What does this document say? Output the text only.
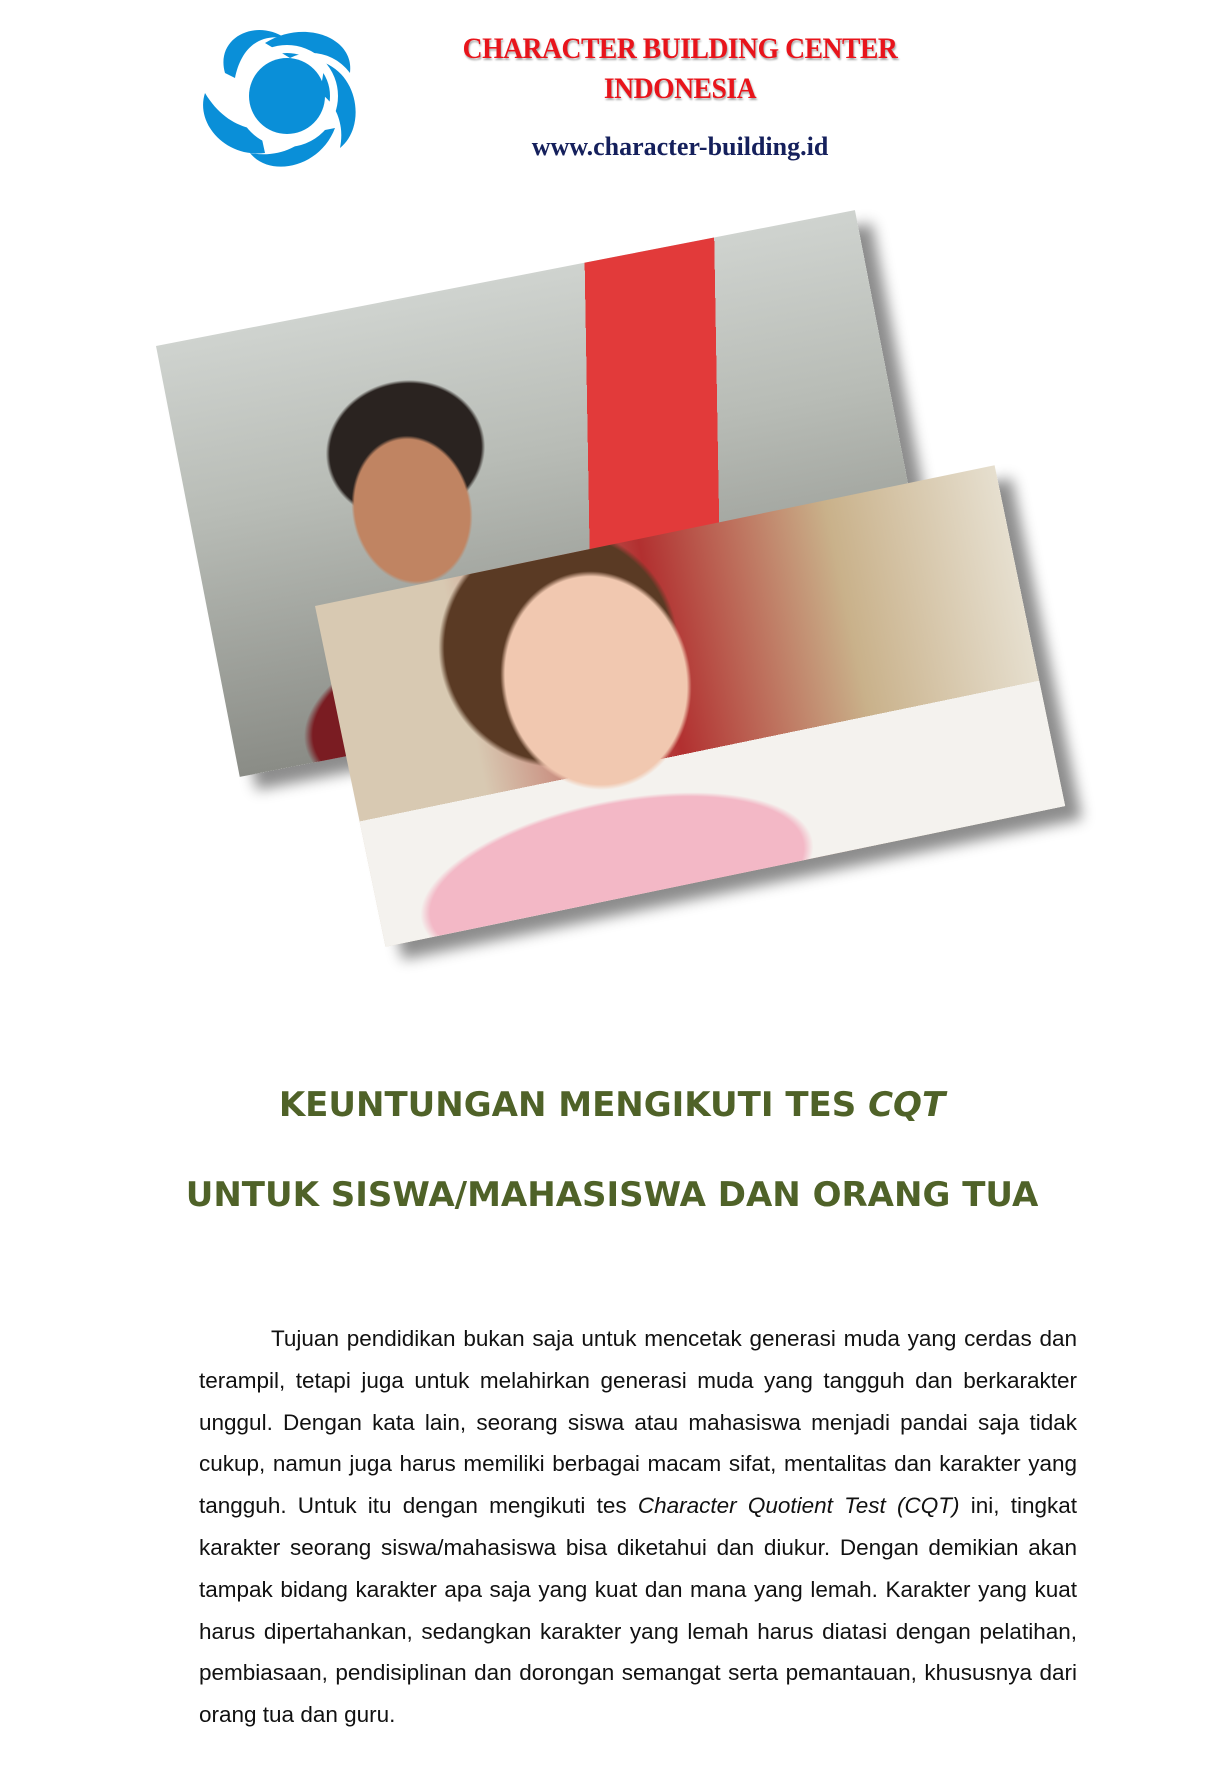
CHARACTER BUILDING CENTER
INDONESIA
www.character-building.id
KEUNTUNGAN MENGIKUTI TES CQT
UNTUK SISWA/MAHASISWA DAN ORANG TUA

Tujuan pendidikan bukan saja untuk mencetak generasi muda yang cerdas dan terampil, tetapi juga untuk melahirkan generasi muda yang tangguh dan berkarakter unggul. Dengan kata lain, seorang siswa atau mahasiswa menjadi pandai saja tidak cukup, namun juga harus memiliki berbagai macam sifat, mentalitas dan karakter yang tangguh. Untuk itu dengan mengikuti tes Character Quotient Test (CQT) ini, tingkat karakter seorang siswa/mahasiswa bisa diketahui dan diukur. Dengan demikian akan tampak bidang karakter apa saja yang kuat dan mana yang lemah. Karakter yang kuat harus dipertahankan, sedangkan karakter yang lemah harus diatasi dengan pelatihan, pembiasaan, pendisiplinan dan dorongan semangat serta pemantauan, khususnya dari orang tua dan guru.
